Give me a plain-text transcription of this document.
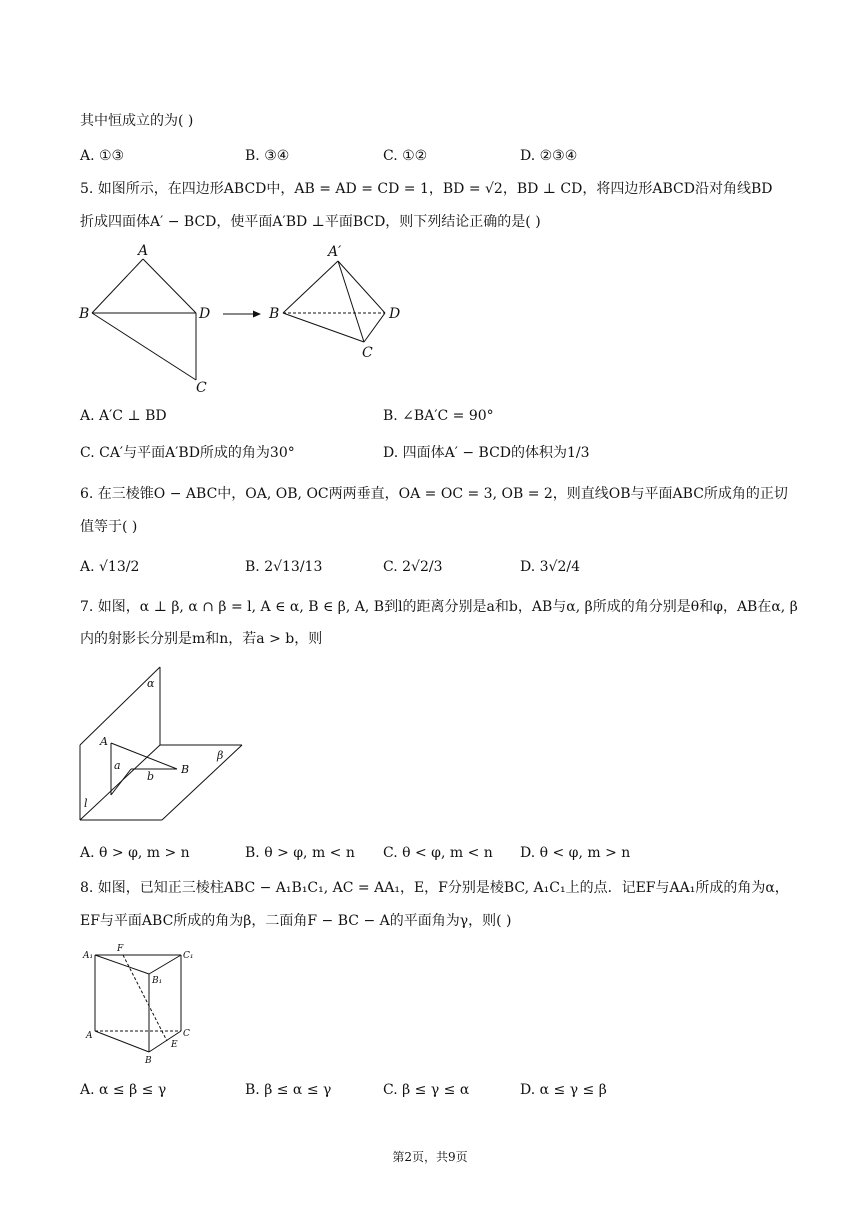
其中恒成立的为( )
A. ①③	B. ③④	C. ①②	D. ②③④
5. 如图所示，在四边形ABCD中，AB = AD = CD = 1，BD = √2，BD ⊥ CD，将四边形ABCD沿对角线BD
折成四面体A′ − BCD，使平面A′BD ⊥平面BCD，则下列结论正确的是( )
A
B	D
C
A′
B	D
C
A. A′C ⊥ BD	B. ∠BA′C = 90°
C. CA′与平面A′BD所成的角为30°	D. 四面体A′ − BCD的体积为1/3
6. 在三棱锥O − ABC中，OA, OB, OC两两垂直，OA = OC = 3, OB = 2，则直线OB与平面ABC所成角的正切
值等于( )
A. √13/2	B. 2√13/13	C. 2√2/3	D. 3√2/4
7. 如图，α ⊥ β, α ∩ β = l, A ∈ α, B ∈ β, A, B到l的距离分别是a和b，AB与α, β所成的角分别是θ和φ，AB在α, β
内的射影长分别是m和n，若a > b，则
α
β
A
B
a
b
l
A. θ > φ, m > n	B. θ > φ, m < n C. θ < φ, m < n D. θ < φ, m > n
8. 如图，已知正三棱柱ABC − A₁B₁C₁, AC = AA₁，E，F分别是棱BC, A₁C₁上的点．记EF与AA₁所成的角为α，
EF与平面ABC所成的角为β，二面角F − BC − A的平面角为γ，则( )
A₁
F
C₁
B₁
A	C
E
B
A. α ≤ β ≤ γ	B. β ≤ α ≤ γ	C. β ≤ γ ≤ α	D. α ≤ γ ≤ β
第2页，共9页
